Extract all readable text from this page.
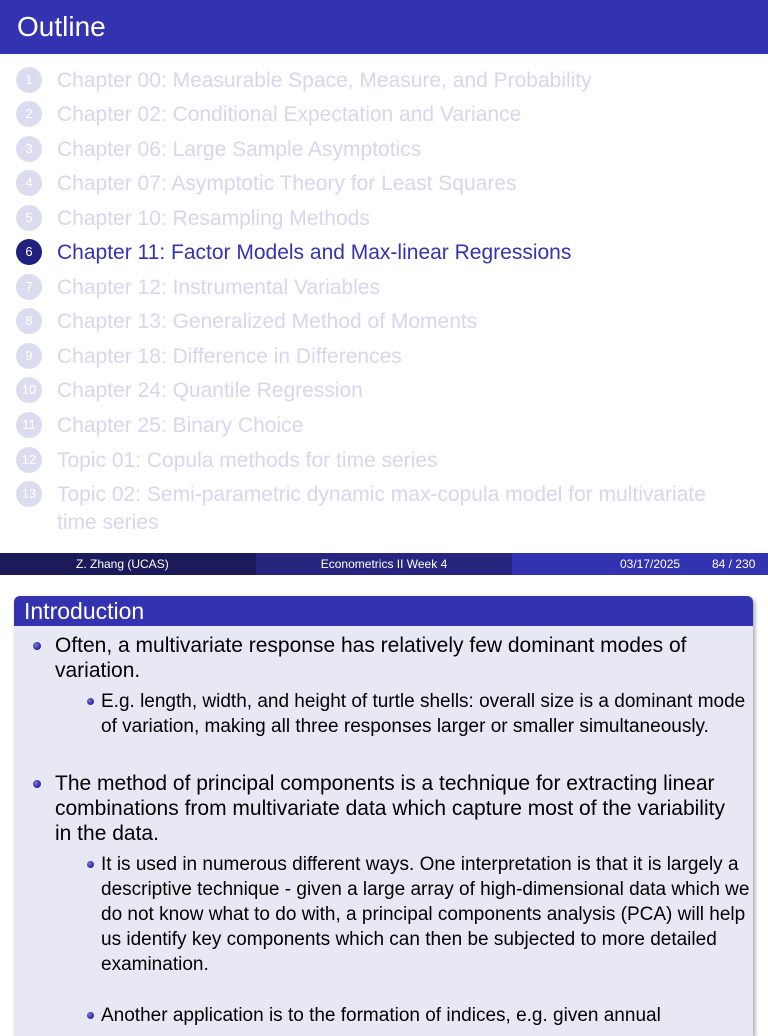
Outline
1	Chapter 00: Measurable Space, Measure, and Probability
2	Chapter 02: Conditional Expectation and Variance
3	Chapter 06: Large Sample Asymptotics
4	Chapter 07: Asymptotic Theory for Least Squares
5	Chapter 10: Resampling Methods
6	Chapter 11: Factor Models and Max-linear Regressions
7	Chapter 12: Instrumental Variables
8	Chapter 13: Generalized Method of Moments
9	Chapter 18: Difference in Differences
10 Chapter 24: Quantile Regression
11 Chapter 25: Binary Choice
12 Topic 01: Copula methods for time series
13 Topic 02: Semi-parametric dynamic max-copula model for multivariate time series
Z. Zhang (UCAS)	Econometrics II Week 4	03/17/2025	84 / 230
Introduction
Often, a multivariate response has relatively few dominant modes of variation.
E.g. length, width, and height of turtle shells: overall size is a dominant mode of variation, making all three responses larger or smaller simultaneously.
The method of principal components is a technique for extracting linear combinations from multivariate data which capture most of the variability in the data.
It is used in numerous different ways. One interpretation is that it is largely a descriptive technique - given a large array of high-dimensional data which we do not know what to do with, a principal components analysis (PCA) will help us identify key components which can then be subjected to more detailed examination.
Another application is to the formation of indices, e.g. given annual
